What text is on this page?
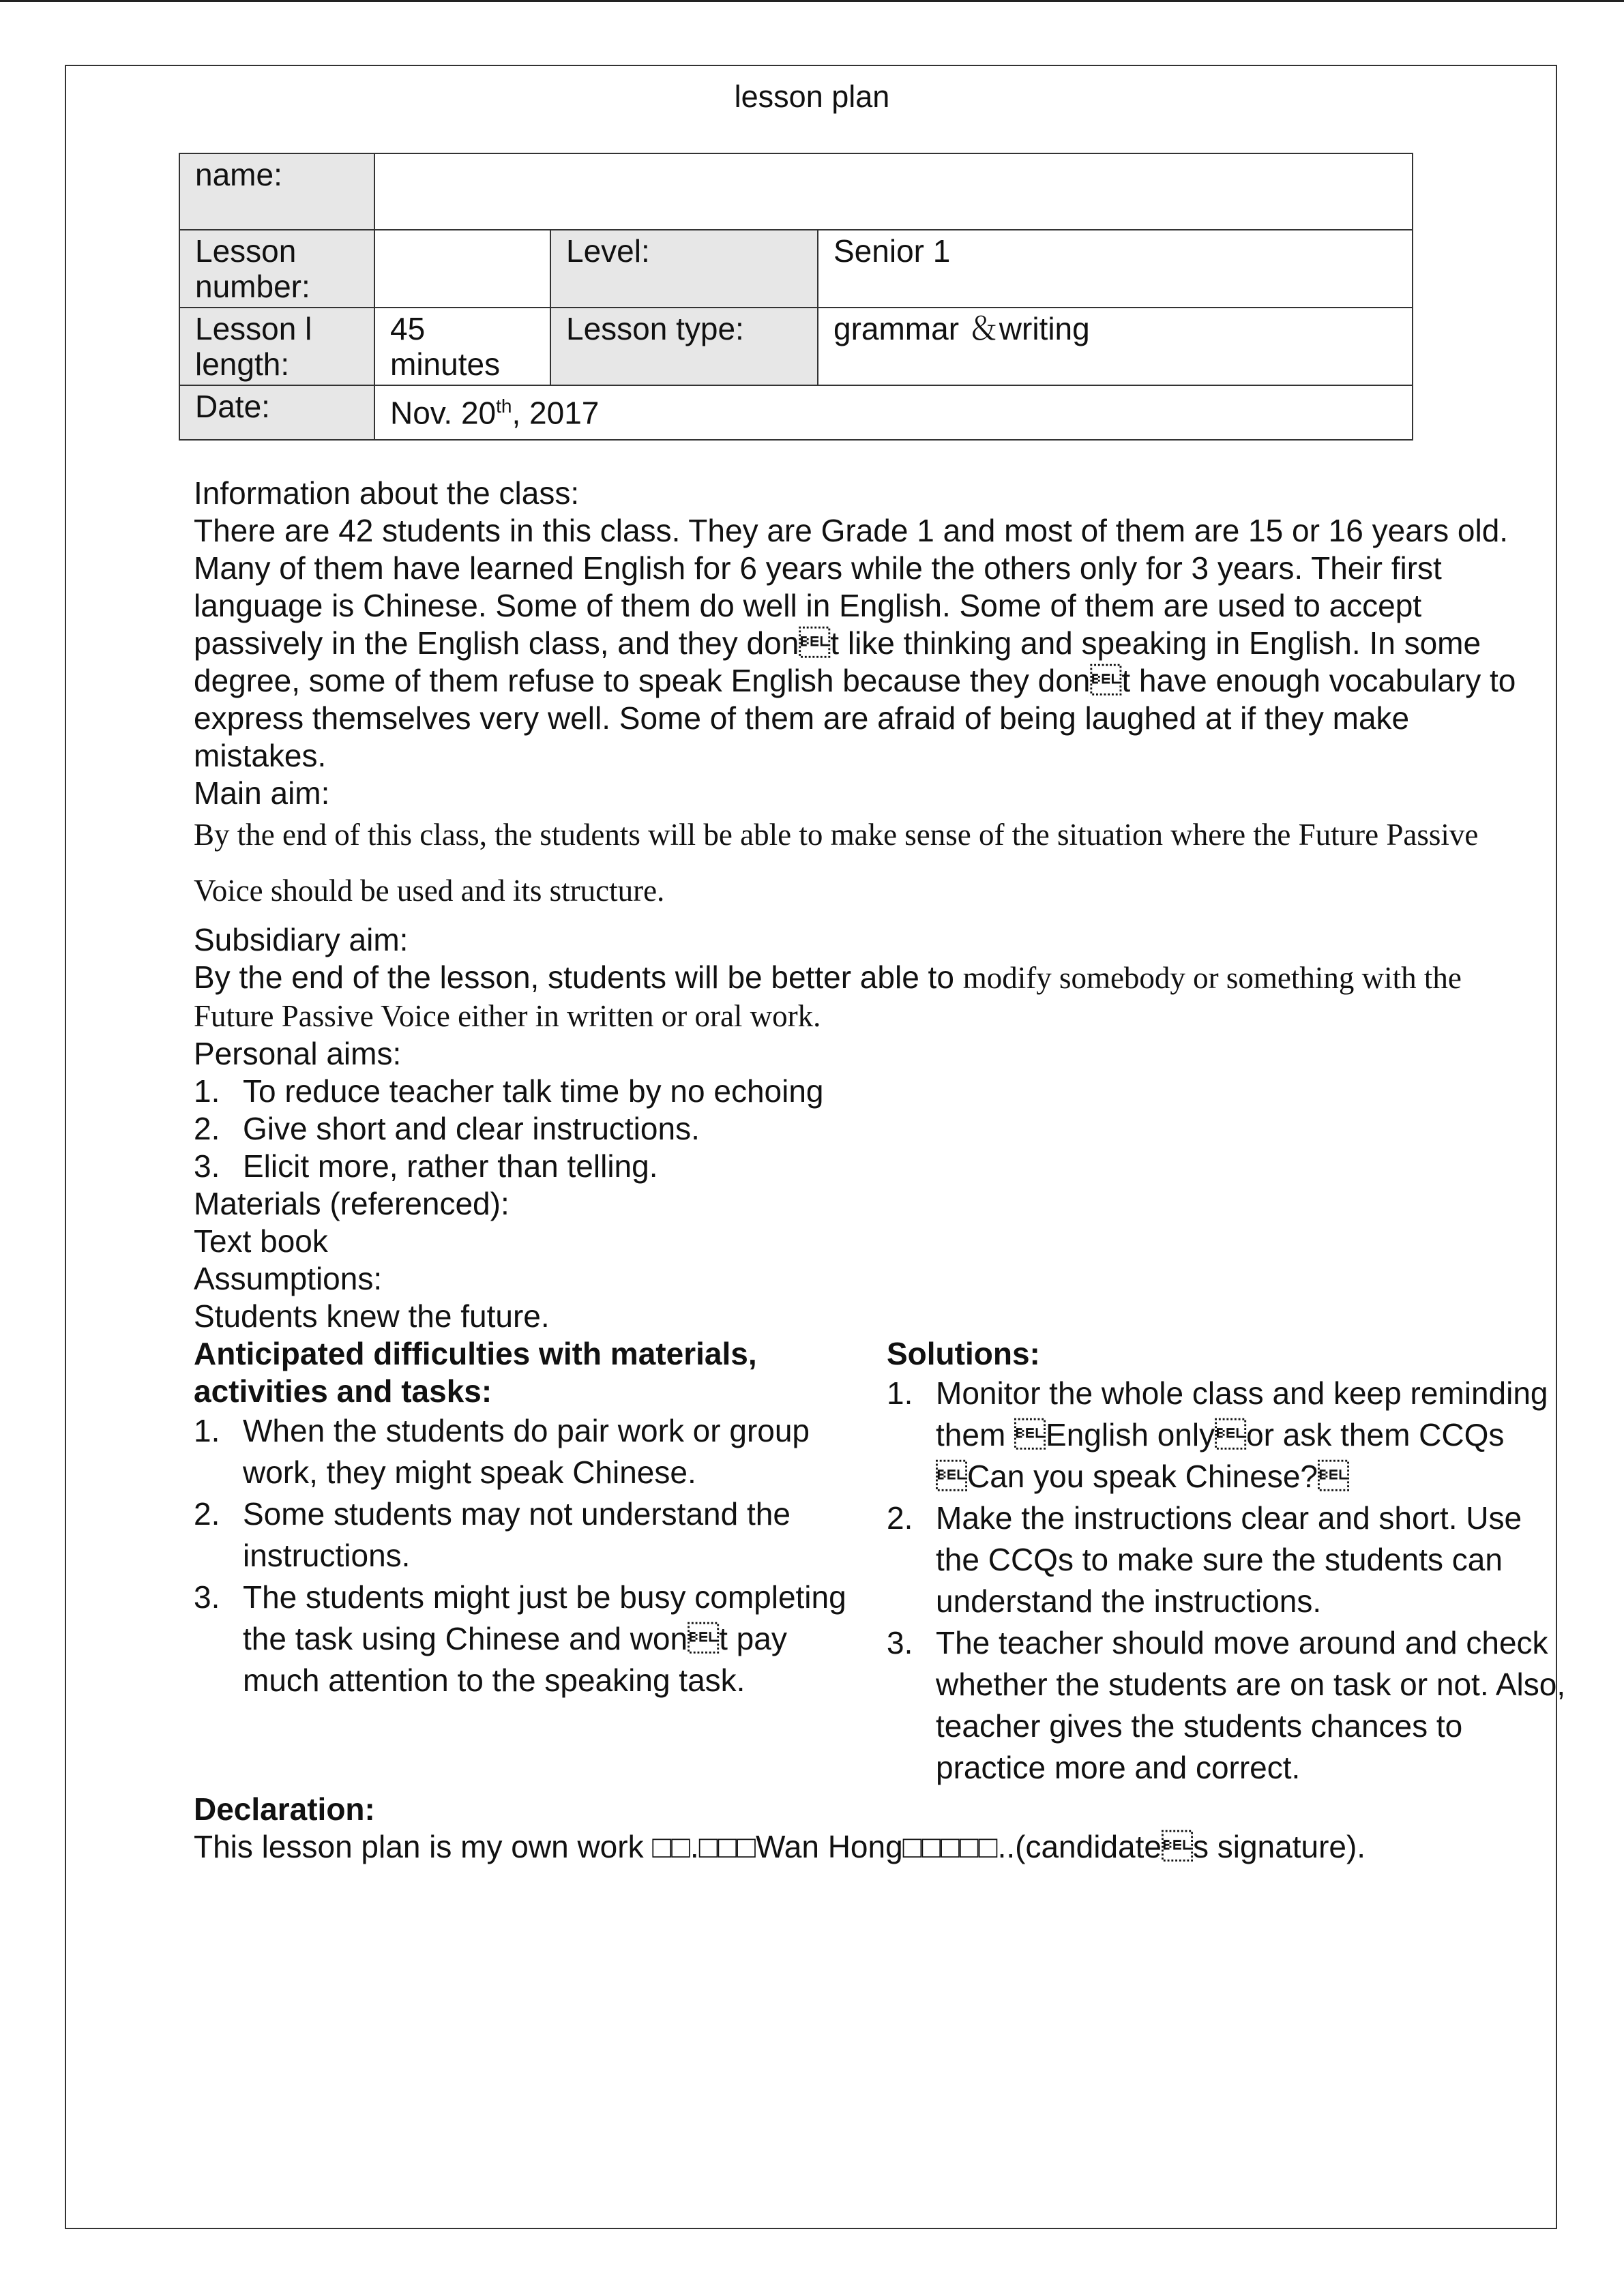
lesson plan
name:			
Lesson number:		Level:	Senior 1
Lesson l length:	45 minutes	Lesson type:	grammar ＆writing
Date:	Nov. 20th, 2017		

Information about the class:

There are 42 students in this class. They are Grade 1 and most of them are 15 or 16 years old. Many of them have learned English for 6 years while the others only for 3 years. Their first language is Chinese. Some of them do well in English. Some of them are used to accept passively in the English class, and they dont like thinking and speaking in English. In some degree, some of them refuse to speak English because they dont have enough vocabulary to express themselves very well. Some of them are afraid of being laughed at if they make mistakes.

Main aim:

By the end of this class, the students will be able to make sense of the situation where the Future Passive Voice should be used and its structure.

Subsidiary aim:

By the end of the lesson, students will be better able to modify somebody or something with the Future Passive Voice either in written or oral work.

Personal aims:

1. To reduce teacher talk time by no echoing
2. Give short and clear instructions.
3. Elicit more, rather than telling.

Materials (referenced):

Text book

Assumptions:

Students knew the future.

Anticipated difficulties with materials, activities and tasks:

1. When the students do pair work or group work, they might speak Chinese.
2. Some students may not understand the instructions.
3. The students might just be busy completing the task using Chinese and wont pay much attention to the speaking task.

Solutions:

1. Monitor the whole class and keep reminding them English onlyor ask them CCQs Can you speak Chinese?
2. Make the instructions clear and short. Use the CCQs to make sure the students can understand the instructions.
3. The teacher should move around and check whether the students are on task or not. Also, teacher gives the students chances to practice more and correct.

Declaration:

This lesson plan is my own work □□.□□□Wan Hong□□□□□..(candidates signature).
